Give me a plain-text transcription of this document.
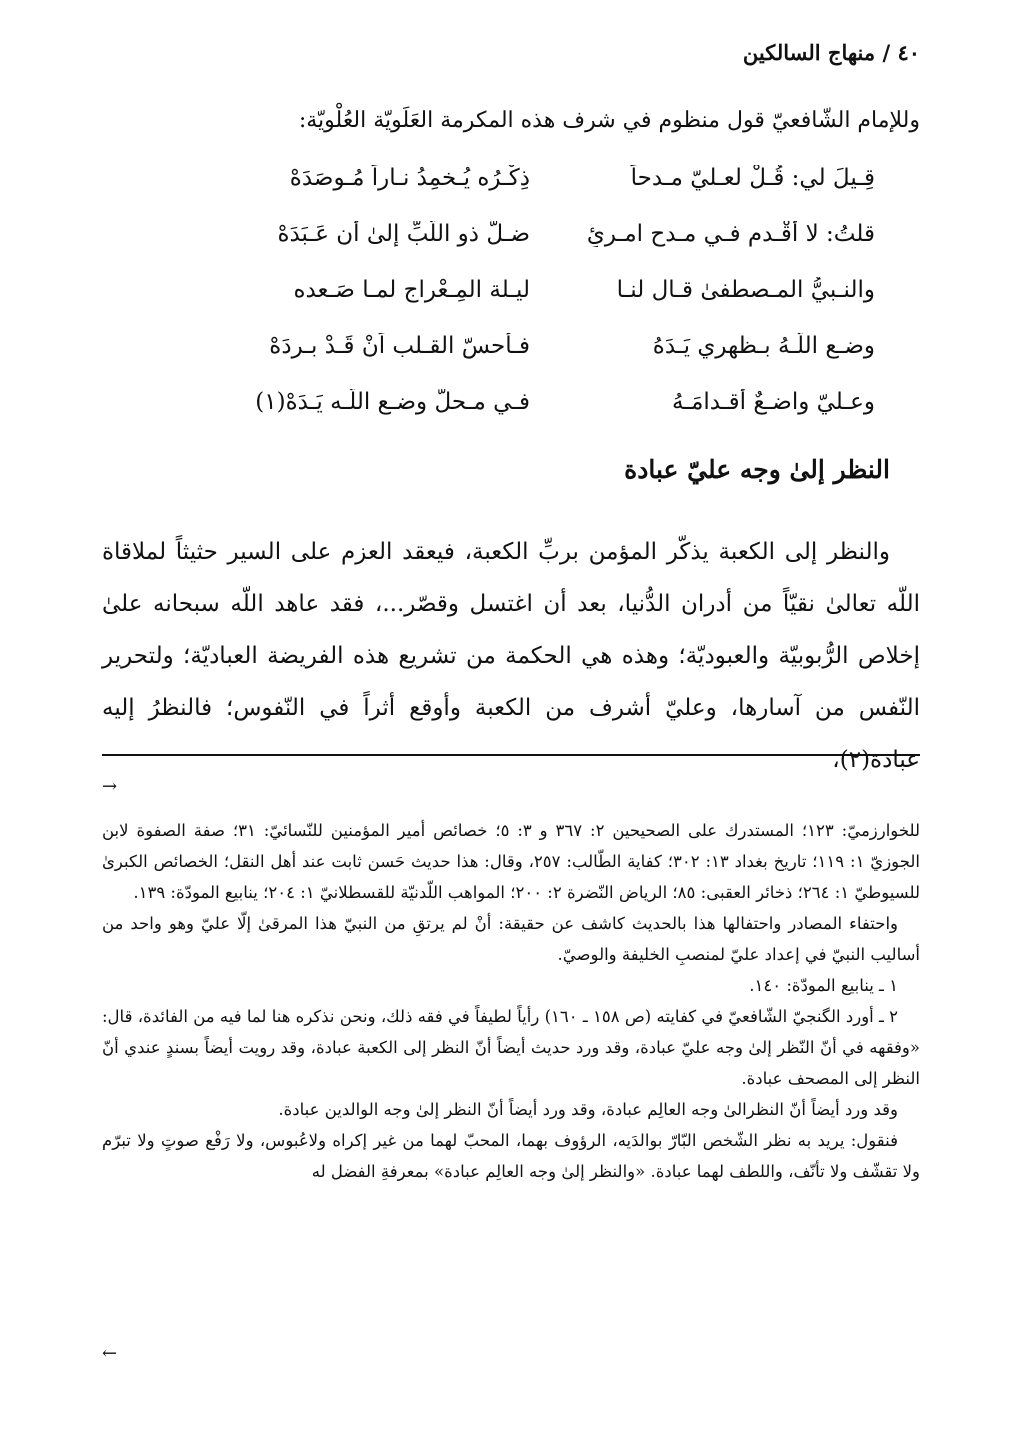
٤٠ / منهاج السالكين
وللإمام الشّافعيّ قول منظوم في شرف هذه المكرمة العَلَويّة العُلْويّة:
قِـيلَ لي: قُـلْ لعـليّ مـدحاً
ذِكْـرُه يُـخمِدُ نـاراً مُـوصَدَهْ
قلتُ: لا أَقْـدم فـي مـدح امـرئٍ
ضـلّ ذو اللُّبِّ إلىٰ أن عَـبَدَهْ
والنـبيُّ المـصطفىٰ قـال لنـا
ليـلة المِـعْراج لمـا صَـعده
وضـع اللّـهُ بـظهري يَـدَهُ
فـأحسّ القـلب اَنْ قَـدْ بـردَهْ
وعـليّ واضـعٌ أقـدامَـهُ
فـي مـحلّ وضـع اللّـه يَـدَهْ(١)
النظر إلىٰ وجه عليّ عبادة
والنظر إلى الكعبة يذكّر المؤمن بربِّ الكعبة، فيعقد العزم على السير حثيثاً لملاقاة اللّه تعالىٰ نقيّاً من أدران الدُّنيا، بعد أن اغتسل وقصّر...، فقد عاهد اللّه سبحانه علىٰ إخلاص الرُّبوبيّة والعبوديّة؛ وهذه هي الحكمة من تشريع هذه الفريضة العباديّة؛ ولتحرير النّفس من آسارها، وعليّ أشرف من الكعبة وأوقع أثراً في النّفوس؛ فالنظرُ إليه عبادة(٢)،
→

للخوارزميّ: ١٢٣؛ المستدرك على الصحيحين ٢: ٣٦٧ و ٣: ٥؛ خصائص أمير المؤمنين للنّسائيّ: ٣١؛ صفة الصفوة لابن الجوزيّ ١: ١١٩؛ تاريخ بغداد ١٣: ٣٠٢؛ كفاية الطّالب: ٢٥٧، وقال: هذا حديث حَسن ثابت عند أهل النقل؛ الخصائص الكبرىٰ للسيوطيّ ١: ٢٦٤؛ ذخائر العقبى: ٨٥؛ الرياض النّضرة ٢: ٢٠٠؛ المواهب اللّدنيّة للقسطلانيّ ١: ٢٠٤؛ ينابيع المودّة: ١٣٩.

واحتفاء المصادر واحتفالها هذا بالحديث كاشف عن حقيقة: أنْ لم يرتقِ من النبيّ هذا المرقىٰ إلّا عليّ وهو واحد من أساليب النبيّ في إعداد عليّ لمنصبِ الخليفة والوصيّ.

١ ـ ينابيع المودّة: ١٤٠.

٢ ـ أورد الگنجيّ الشّافعيّ في كفايته (ص ١٥٨ ـ ١٦٠) رأياً لطيفاً في فقه ذلك، ونحن نذكره هنا لما فيه من الفائدة، قال: «وفقهه في أنّ النّظر إلىٰ وجه عليّ عبادة، وقد ورد حديث أيضاً أنّ النظر إلى الكعبة عبادة، وقد رويت أيضاً بسندٍ عندي أنّ النظر إلى المصحف عبادة.

وقد ورد أيضاً أنّ النظرالىٰ وجه العالِم عبادة، وقد ورد أيضاً أنّ النظر إلىٰ وجه الوالدين عبادة.

فنقول: يريد به نظر الشّخص البّارّ بوالدَيه، الرؤوف بهما، المحبّ لهما من غير إكراه ولاعُبوس، ولا رَفْع صوتٍ ولا تبرّم ولا تقشّف ولا تأنّف، واللطف لهما عبادة. «والنظر إلىٰ وجه العالِم عبادة» بمعرفةِ الفضل له

←
